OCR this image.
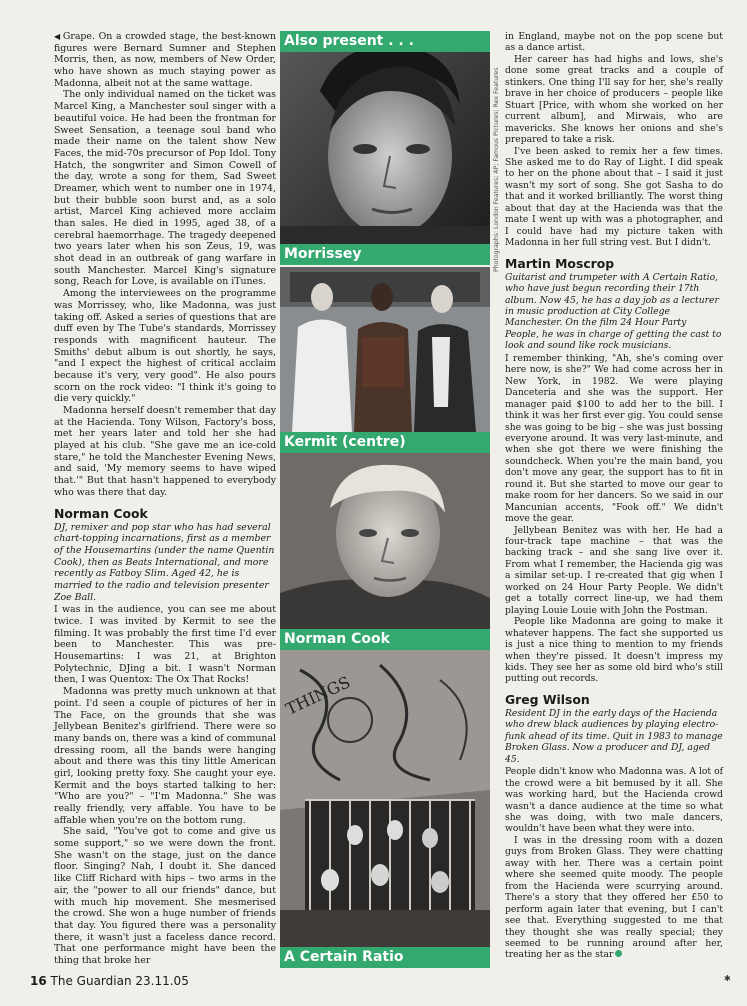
◀ Grape. On a crowded stage, the best-known figures were Bernard Sumner and Stephen Morris, then, as now, members of New Order, who have shown as much staying power as Madonna, albeit not at the same wattage.

The only individual named on the ticket was Marcel King, a Manchester soul singer with a beautiful voice. He had been the frontman for Sweet Sensation, a teenage soul band who made their name on the talent show New Faces, the mid-70s precursor of Pop Idol. Tony Hatch, the songwriter and Simon Cowell of the day, wrote a song for them, Sad Sweet Dreamer, which went to number one in 1974, but their bubble soon burst and, as a solo artist, Marcel King achieved more acclaim than sales. He died in 1995, aged 38, of a cerebral haemorrhage. The tragedy deepened two years later when his son Zeus, 19, was shot dead in an outbreak of gang warfare in south Manchester. Marcel King's signature song, Reach for Love, is available on iTunes.

Among the interviewees on the programme was Morrissey, who, like Madonna, was just taking off. Asked a series of questions that are duff even by The Tube's standards, Morrissey responds with magnificent hauteur. The Smiths' debut album is out shortly, he says, "and I expect the highest of critical acclaim because it's very, very good". He also pours scorn on the rock video: "I think it's going to die very quickly."

Madonna herself doesn't remember that day at the Hacienda. Tony Wilson, Factory's boss, met her years later and told her she had played at his club. "She gave me an ice-cold stare," he told the Manchester Evening News, and said, 'My memory seems to have wiped that.'" But that hasn't happened to everybody who was there that day.

Norman Cook

DJ, remixer and pop star who has had several chart-topping incarnations, first as a member of the Housemartins (under the name Quentin Cook), then as Beats International, and more recently as Fatboy Slim. Aged 42, he is married to the radio and television presenter Zoe Ball.

I was in the audience, you can see me about twice. I was invited by Kermit to see the filming. It was probably the first time I'd ever been to Manchester. This was pre-Housemartins: I was 21, at Brighton Polytechnic, DJing a bit. I wasn't Norman then, I was Quentox: The Ox That Rocks!

Madonna was pretty much unknown at that point. I'd seen a couple of pictures of her in The Face, on the grounds that she was Jellybean Benitez's girlfriend. There were so many bands on, there was a kind of communal dressing room, all the bands were hanging about and there was this tiny little American girl, looking pretty foxy. She caught your eye. Kermit and the boys started talking to her: "Who are you?" – "I'm Madonna." She was really friendly, very affable. You have to be affable when you're on the bottom rung.

She said, "You've got to come and give us some support," so we were down the front. She wasn't on the stage, just on the dance floor. Singing? Nah, I doubt it. She danced like Cliff Richard with hips – two arms in the air, the "power to all our friends" dance, but with much hip movement. She mesmerised the crowd. She won a huge number of friends that day. You figured there was a personality there, it wasn't just a faceless dance record. That one performance might have been the thing that broke her

Also present . . .
Morrissey
Kermit (centre)
Norman Cook
THINGS
A Certain Ratio
Photographs: London Features; AP; Famous Pictures; Rex Features

in England, maybe not on the pop scene but as a dance artist.

Her career has had highs and lows, she's done some great tracks and a couple of stinkers. One thing I'll say for her, she's really brave in her choice of producers – people like Stuart [Price, with whom she worked on her current album], and Mirwais, who are mavericks. She knows her onions and she's prepared to take a risk.

I've been asked to remix her a few times. She asked me to do Ray of Light. I did speak to her on the phone about that – I said it just wasn't my sort of song. She got Sasha to do that and it worked brilliantly. The worst thing about that day at the Hacienda was that the mate I went up with was a photographer, and I could have had my picture taken with Madonna in her full string vest. But I didn't.

Martin Moscrop

Guitarist and trumpeter with A Certain Ratio, who have just begun recording their 17th album. Now 45, he has a day job as a lecturer in music production at City College Manchester. On the film 24 Hour Party People, he was in charge of getting the cast to look and sound like rock musicians.

I remember thinking, "Ah, she's coming over here now, is she?" We had come across her in New York, in 1982. We were playing Danceteria and she was the support. Her manager paid $100 to add her to the bill. I think it was her first ever gig. You could sense she was going to be big – she was just bossing everyone around. It was very last-minute, and when she got there we were finishing the soundcheck. When you're the main band, you don't move any gear, the support has to fit in round it. But she started to move our gear to make room for her dancers. So we said in our Mancunian accents, "Fook off." We didn't move the gear.

Jellybean Benitez was with her. He had a four-track tape machine – that was the backing track – and she sang live over it. From what I remember, the Hacienda gig was a similar set-up. I re-created that gig when I worked on 24 Hour Party People. We didn't get a totally correct line-up, we had them playing Louie Louie with John the Postman.

People like Madonna are going to make it whatever happens. The fact she supported us is just a nice thing to mention to my friends when they're pissed. It doesn't impress my kids. They see her as some old bird who's still putting out records.

Greg Wilson

Resident DJ in the early days of the Hacienda who drew black audiences by playing electro-funk ahead of its time. Quit in 1983 to manage Broken Glass. Now a producer and DJ, aged 45.

People didn't know who Madonna was. A lot of the crowd were a bit bemused by it all. She was working hard, but the Hacienda crowd wasn't a dance audience at the time so what she was doing, with two male dancers, wouldn't have been what they were into.

I was in the dressing room with a dozen guys from Broken Glass. They were chatting away with her. There was a certain point where she seemed quite moody. The people from the Hacienda were scurrying around. There's a story that they offered her £50 to perform again later that evening, but I can't see that. Everything suggested to me that they thought she was really special; they seemed to be running around after her, treating her as the star

16 The Guardian 23.11.05	✱
